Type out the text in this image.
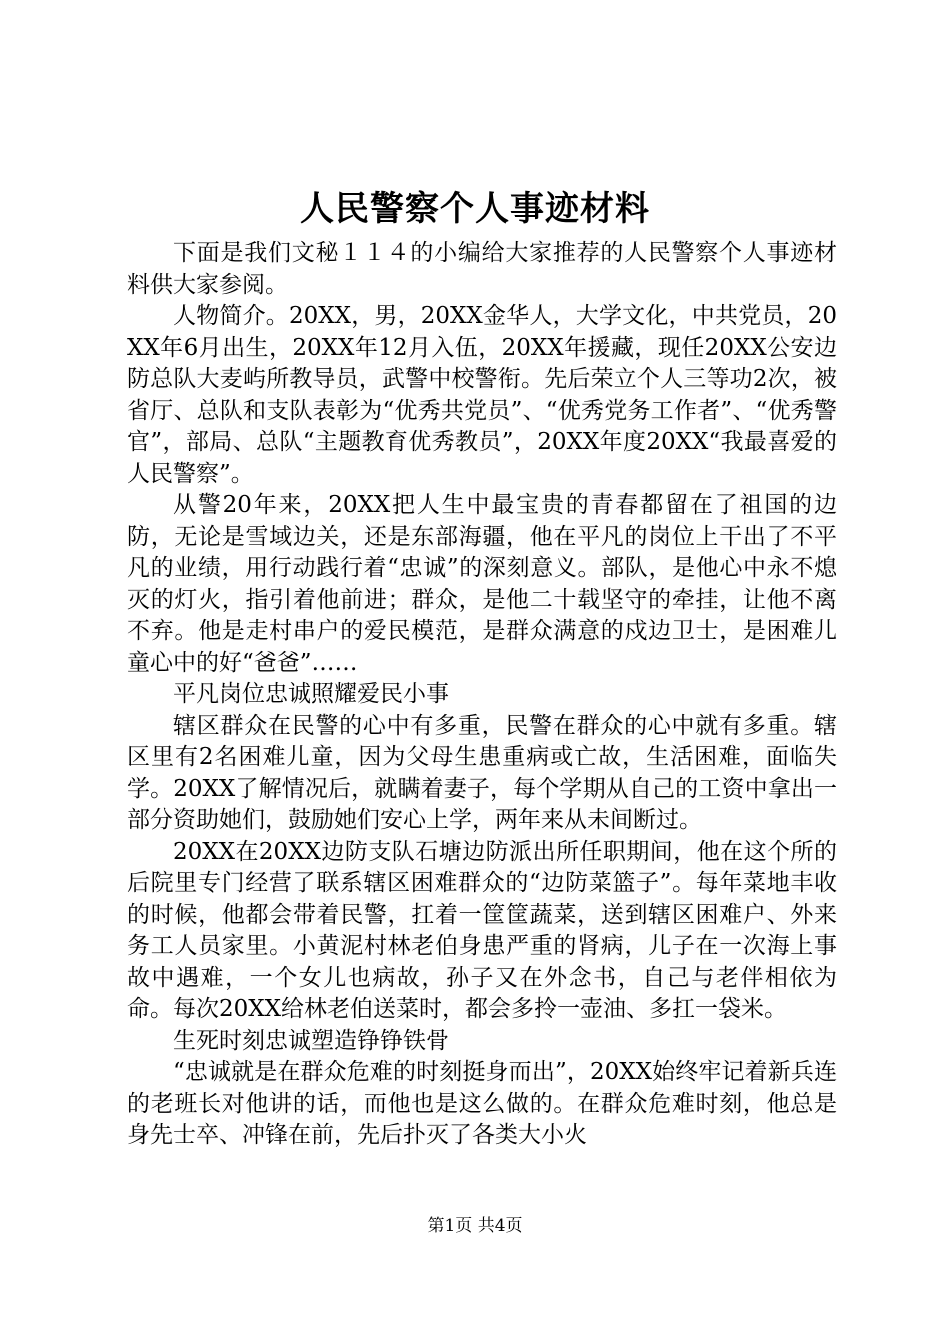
人民警察个人事迹材料

下面是我们文秘１１４的小编给大家推荐的人民警察个人事迹材料供大家参阅。

人物简介。20XX，男，20XX金华人，大学文化，中共党员，20XX年6月出生，20XX年12月入伍，20XX年援藏，现任20XX公安边防总队大麦屿所教导员，武警中校警衔。先后荣立个人三等功2次，被省厅、总队和支队表彰为“优秀共党员”、“优秀党务工作者”、“优秀警官”，部局、总队“主题教育优秀教员”，20XX年度20XX“我最喜爱的人民警察”。

从警20年来，20XX把人生中最宝贵的青春都留在了祖国的边防，无论是雪域边关，还是东部海疆，他在平凡的岗位上干出了不平凡的业绩，用行动践行着“忠诚”的深刻意义。部队，是他心中永不熄灭的灯火，指引着他前进；群众，是他二十载坚守的牵挂，让他不离不弃。他是走村串户的爱民模范，是群众满意的戍边卫士，是困难儿童心中的好“爸爸”……

平凡岗位忠诚照耀爱民小事

辖区群众在民警的心中有多重，民警在群众的心中就有多重。辖区里有2名困难儿童，因为父母生患重病或亡故，生活困难，面临失学。20XX了解情况后，就瞒着妻子，每个学期从自己的工资中拿出一部分资助她们，鼓励她们安心上学，两年来从未间断过。

20XX在20XX边防支队石塘边防派出所任职期间，他在这个所的后院里专门经营了联系辖区困难群众的“边防菜篮子”。每年菜地丰收的时候，他都会带着民警，扛着一筐筐蔬菜，送到辖区困难户、外来务工人员家里。小黄泥村林老伯身患严重的肾病，儿子在一次海上事故中遇难，一个女儿也病故，孙子又在外念书，自己与老伴相依为命。每次20XX给林老伯送菜时，都会多拎一壶油、多扛一袋米。

生死时刻忠诚塑造铮铮铁骨

“忠诚就是在群众危难的时刻挺身而出”，20XX始终牢记着新兵连的老班长对他讲的话，而他也是这么做的。在群众危难时刻，他总是身先士卒、冲锋在前，先后扑灭了各类大小火

第1页 共4页
